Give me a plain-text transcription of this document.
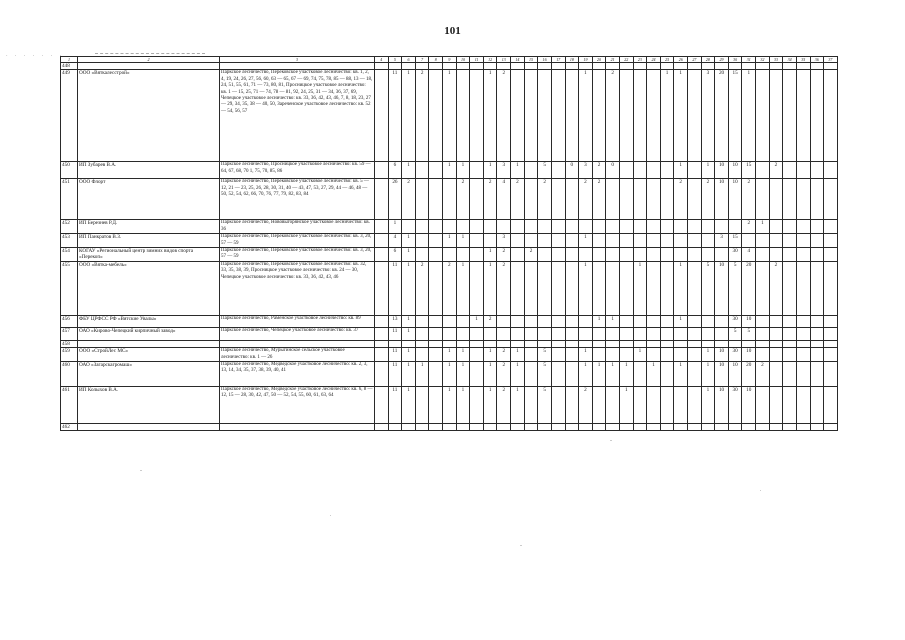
101
· · · · · · ·
1	2	3	4	5	6	7	8	9	10	11	12	13	14	15	16	17	18	19	20	21	22	23	24	25	26	27	28	29	30	31	32	33	34	35	36	37
448																																				
449	ООО «Вяткалесстрой»	Паркское лесничество, Перековское участковое лесничество: кв. 1, 2, 4, 19, 24, 26, 27, 56, 60, 63 — 65, 67 — 69, 74, 75, 78, 85 — 88, 13 — 18, 24, 51, 55, 61, 71 — 73, 80, 81, Просницкое участковое лесничество: кв. 1 — 15, 25, 71 — 74, 78 — 81, 92, 24, 25, 31 — 34, 36, 37, 69, Чепецкое участковое лесничество: кв. 33, 36, 42, 43, 46, 7, 8, 18, 23, 27 — 29, 34, 35, 38 — 40, 50, Зареченское участковое лесничество: кв. 52 — 54, 56, 57		11	1	2		1			1	2						1		2				1	1		3	20	15	1						
450	ИП Зубарев В.А.	Паркское лесничество, Просницкое участковое лесничество: кв. 59 — 64, 67, 68, 70 1, 75, 70, 85, 86		6	1			1	1		1	3	1		5		0	3	2	0					1		1	10	10	15		2				
451	ООО Флорт	Паркское лесничество, Перековское участковое лесничество: кв. 5 — 12, 21 — 23, 25, 26, 28, 30, 31, 40 — 43, 47, 53, 27, 29, 44 — 46, 48 — 50, 52, 54, 62, 66, 70, 76, 77, 79, 82, 83, 84		26	2				2		2	4	2		2			2	2						2		2	10	10	2						
452	ИП Березнев Р.Д.	Паркское лесничество, Нововыгорянское участковое лесничество: кв. 36		1																										2	1					
453	ИП Панкратов В.З.	Паркское лесничество, Перековское участковое лесничество: кв. 3, 20, 57 — 59		4	1			1	1			3						1										3	15							
454	КОГАУ «Региональный центр зимних видов спорта «Перекоп»	Паркское лесничество, Перековское участковое лесничество: кв. 3, 20, 57 — 59		6	1						1	2		2															30	4						
455	ООО «Вятка-мебель»	Паркское лесничество, Перековское участковое лесничество: кв. 32, 33, 35, 38, 39, Просницкое участковое лесничество: кв. 24 — 30, Чепецкое участковое лесничество: кв. 33, 36, 42, 43, 46		11	1	2		2	1		1	2						1				1			1		5	10	5	20		2				
456	ФБУ ЦРФСС РФ «Вятские Увалы»	Паркское лесничество, Раменское участковое лесничество: кв. 89		13	1					1	2								1	1					1				30	10						
457	ОАО «Кирово-Чепецкий кирпичный завод»	Паркское лесничество, Чепецкое участковое лесничество: кв. 37		11	1																								5	5						
458																																				
459	ООО «СтройЛес МС»	Паркское лесничество, Мурыгинское сельское участковое лесничество: кв. 1 — 26		11	1			1	1		1	2	1		5			1				1					1	10	30	10						
460	ОАО «Загарскагромаш»	Паркское лесничество, Медведское участковое лесничество: кв. 2, 3, 13, 14, 34, 35, 37, 38, 39, 40, 41		11	1	1		1	1		1	2	1		5			1	1	1	1		1		1		1	10	10	20	2					
461	ИП Колыхов В.А.	Паркское лесничество, Медведское участковое лесничество: кв. 6, 8 — 12, 15 — 28, 30, 42, 47, 50 — 52, 54, 55, 60, 61, 63, 64		11	1			1	1		1	2	1		5			2			1						1	10	30	10						
462																																				
